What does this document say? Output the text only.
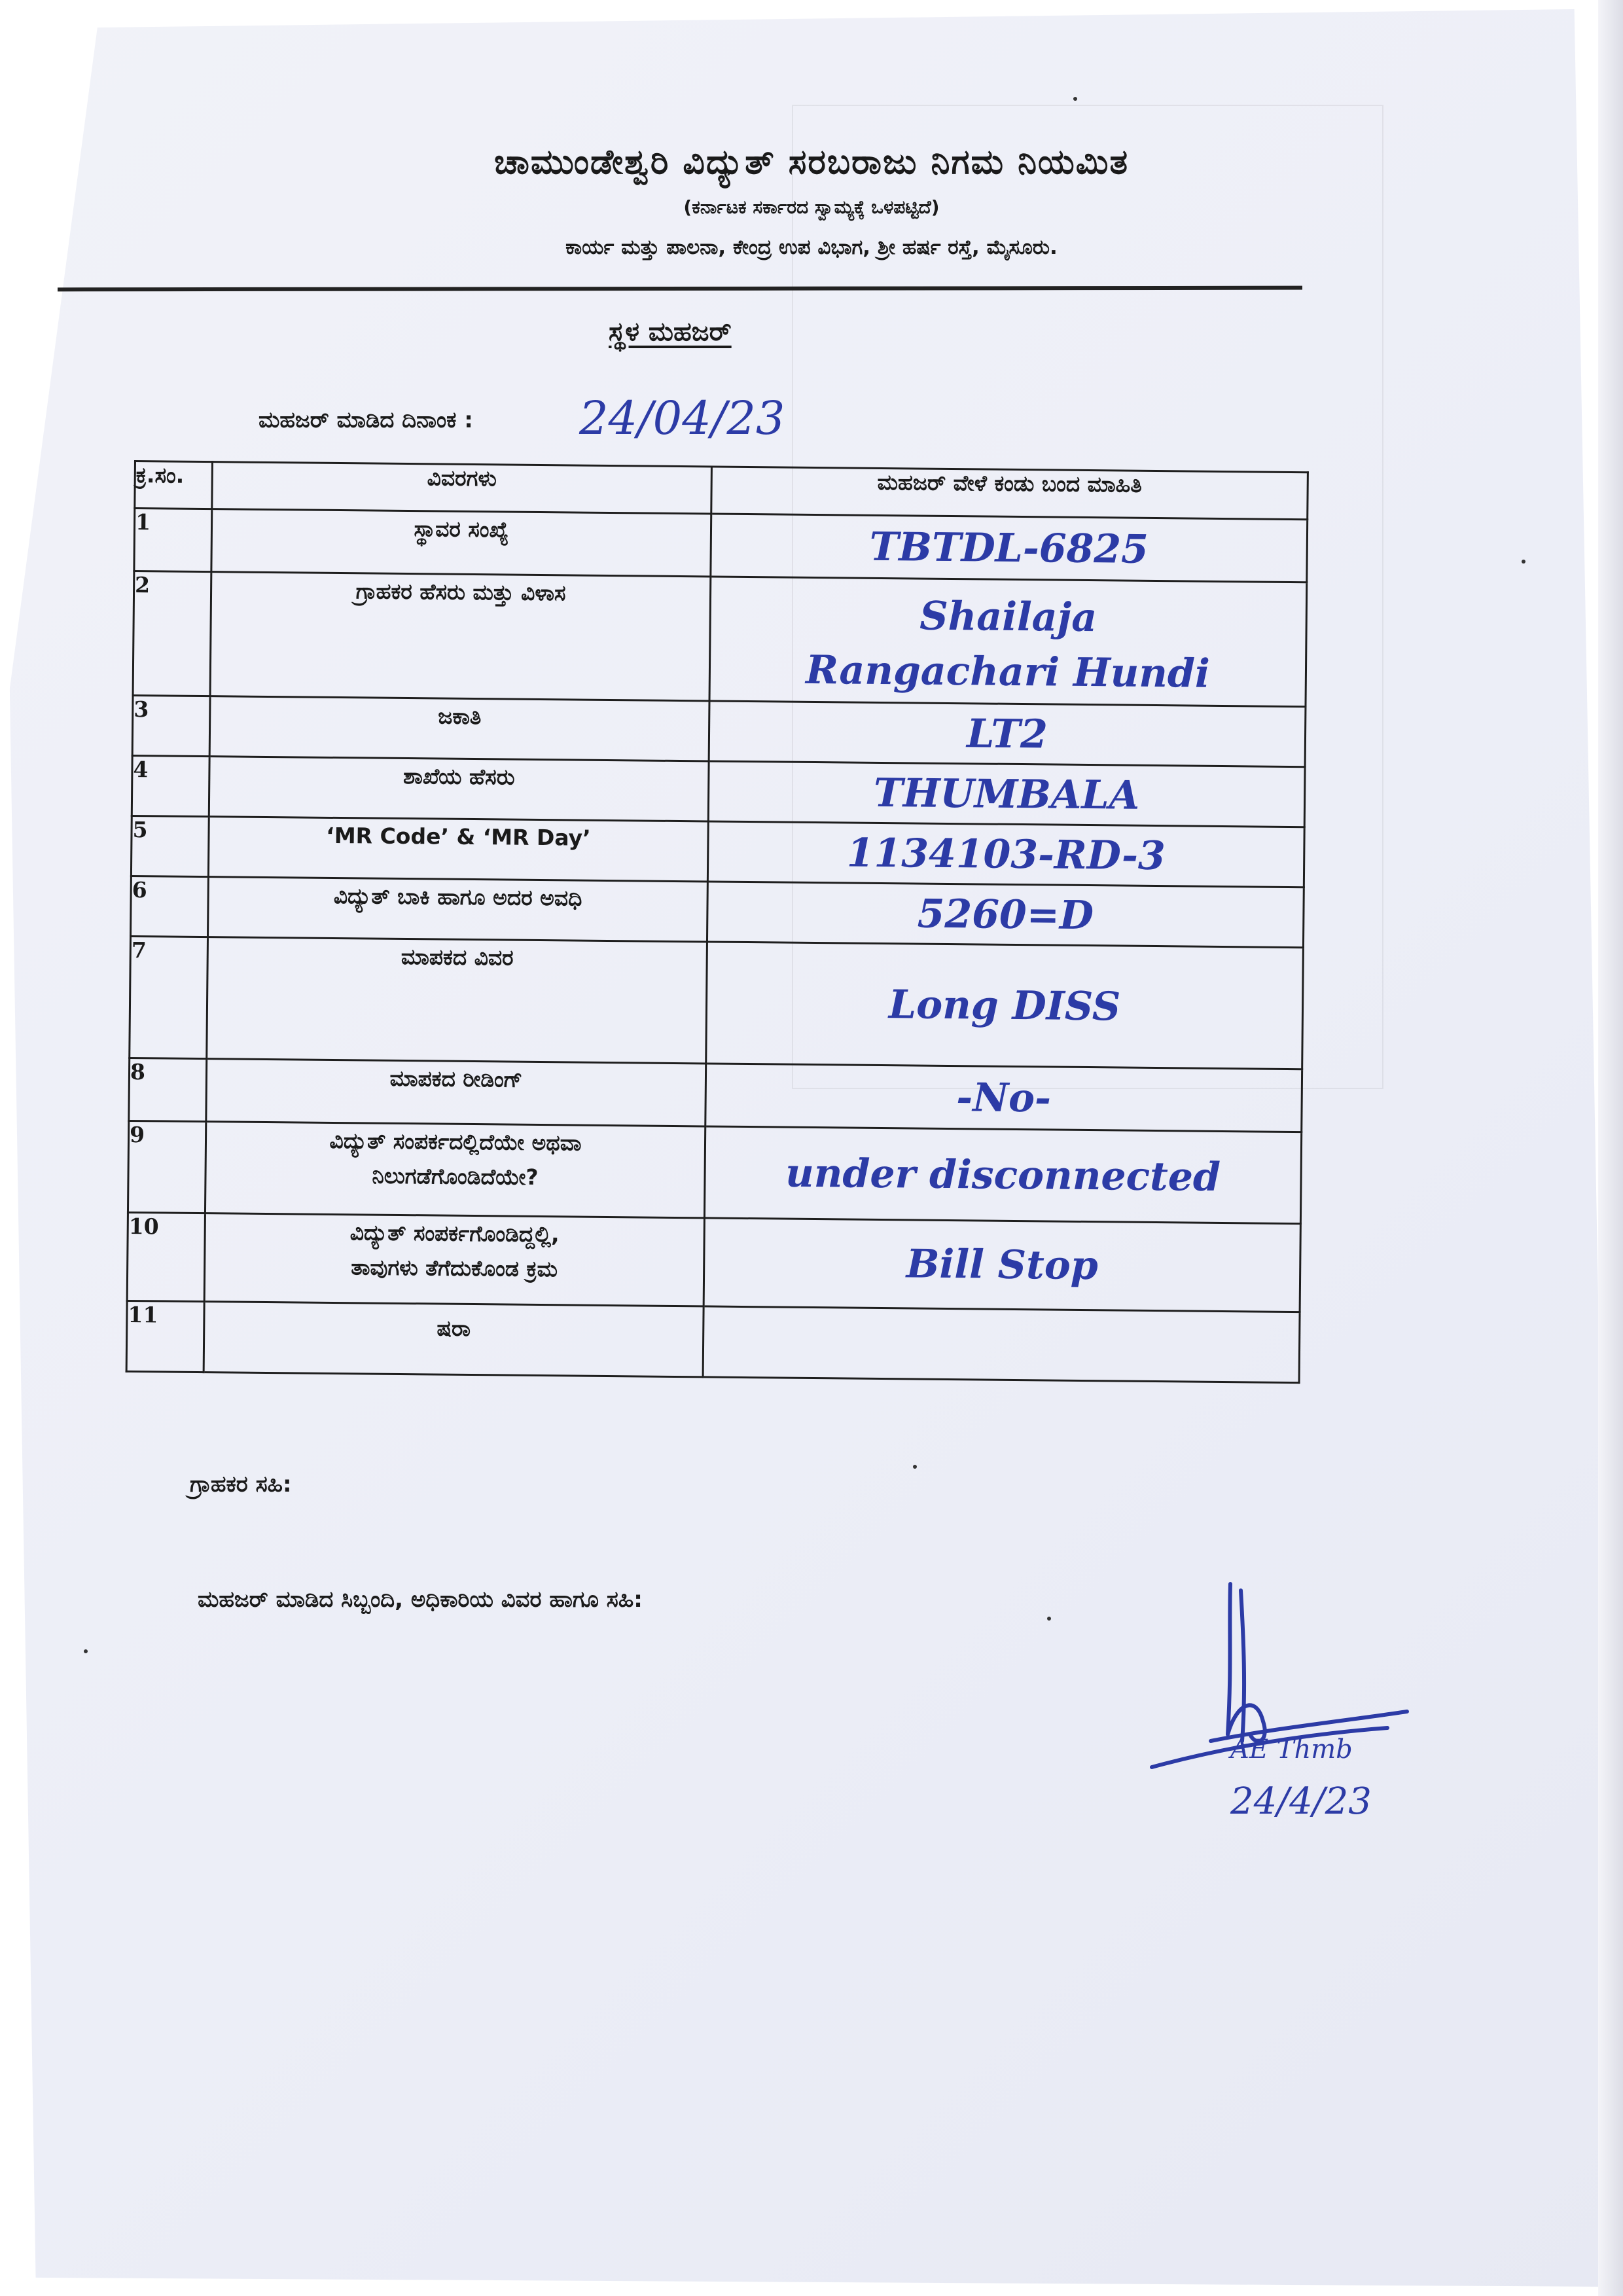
ಚಾಮುಂಡೇಶ್ವರಿ ವಿದ್ಯುತ್ ಸರಬರಾಜು ನಿಗಮ ನಿಯಮಿತ
(ಕರ್ನಾಟಕ ಸರ್ಕಾರದ ಸ್ವಾಮ್ಯಕ್ಕೆ ಒಳಪಟ್ಟಿದೆ)
ಕಾರ್ಯ ಮತ್ತು ಪಾಲನಾ, ಕೇಂದ್ರ ಉಪ ವಿಭಾಗ, ಶ್ರೀ ಹರ್ಷ ರಸ್ತೆ, ಮೈಸೂರು.
ಸ್ಥಳ ಮಹಜರ್
ಮಹಜರ್ ಮಾಡಿದ ದಿನಾಂಕ : 24/04/23
ಕ್ರ.ಸಂ.	ವಿವರಗಳು	ಮಹಜರ್ ವೇಳೆ ಕಂಡು ಬಂದ ಮಾಹಿತಿ
1	ಸ್ಥಾವರ ಸಂಖ್ಯೆ	TBTDL-6825

2	ಗ್ರಾಹಕರ ಹೆಸರು ಮತ್ತು ವಿಳಾಸ	Shailaja
Rangachari Hundi

3	ಜಕಾತಿ	LT2

4	ಶಾಖೆಯ ಹೆಸರು	THUMBALA

5	‘MR Code’ & ‘MR Day’	1134103-RD-3

6	ವಿದ್ಯುತ್ ಬಾಕಿ ಹಾಗೂ ಅದರ ಅವಧಿ	5260=D

7	ಮಾಪಕದ ವಿವರ	Long DISS

8	ಮಾಪಕದ ರೀಡಿಂಗ್	-No-

9	ವಿದ್ಯುತ್ ಸಂಪರ್ಕದಲ್ಲಿದೆಯೇ ಅಥವಾ
ನಿಲುಗಡೆಗೊಂಡಿದೆಯೇ?	under disconnected

10	ವಿದ್ಯುತ್ ಸಂಪರ್ಕಗೊಂಡಿದ್ದಲ್ಲಿ,
ತಾವುಗಳು ತೆಗೆದುಕೊಂಡ ಕ್ರಮ	Bill Stop

11	ಷರಾ	
ಗ್ರಾಹಕರ ಸಹಿ:
ಮಹಜರ್ ಮಾಡಿದ ಸಿಬ್ಬಂದಿ, ಅಧಿಕಾರಿಯ ವಿವರ ಹಾಗೂ ಸಹಿ:
AE Thmb
24/4/23
